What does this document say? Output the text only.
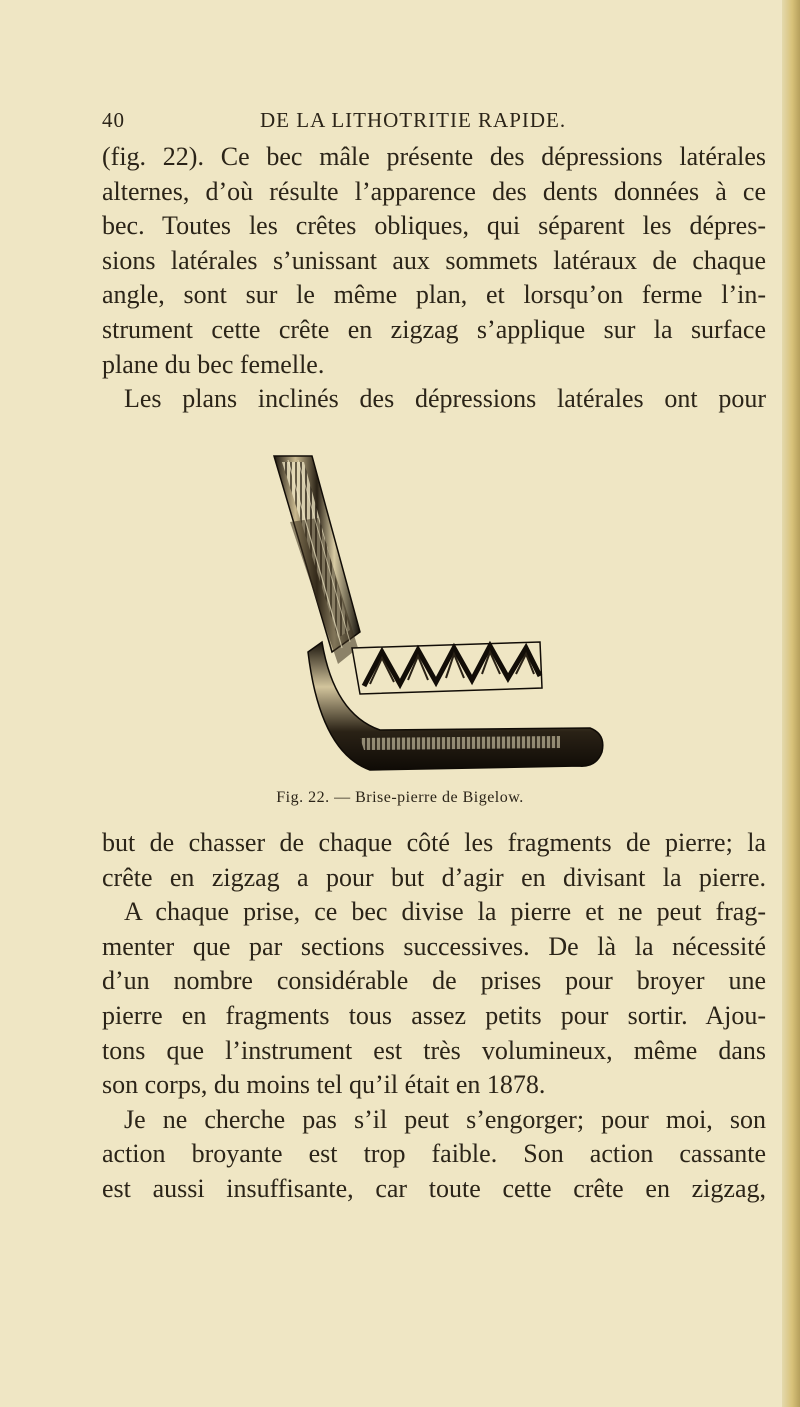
40	DE LA LITHOTRITIE RAPIDE.
(fig. 22). Ce bec mâle présente des dépressions latérales
alternes, d’où résulte l’apparence des dents données à ce
bec. Toutes les crêtes obliques, qui séparent les dépres-
sions latérales s’unissant aux sommets latéraux de chaque
angle, sont sur le même plan, et lorsqu’on ferme l’in-
strument cette crête en zigzag s’applique sur la surface
plane du bec femelle.
Les plans inclinés des dépressions latérales ont pour
Fig. 22. — Brise-pierre de Bigelow.
but de chasser de chaque côté les fragments de pierre; la
crête en zigzag a pour but d’agir en divisant la pierre.
A chaque prise, ce bec divise la pierre et ne peut frag-
menter que par sections successives. De là la nécessité
d’un nombre considérable de prises pour broyer une
pierre en fragments tous assez petits pour sortir. Ajou-
tons que l’instrument est très volumineux, même dans
son corps, du moins tel qu’il était en 1878.
Je ne cherche pas s’il peut s’engorger; pour moi, son
action broyante est trop faible. Son action cassante
est aussi insuffisante, car toute cette crête en zigzag,
